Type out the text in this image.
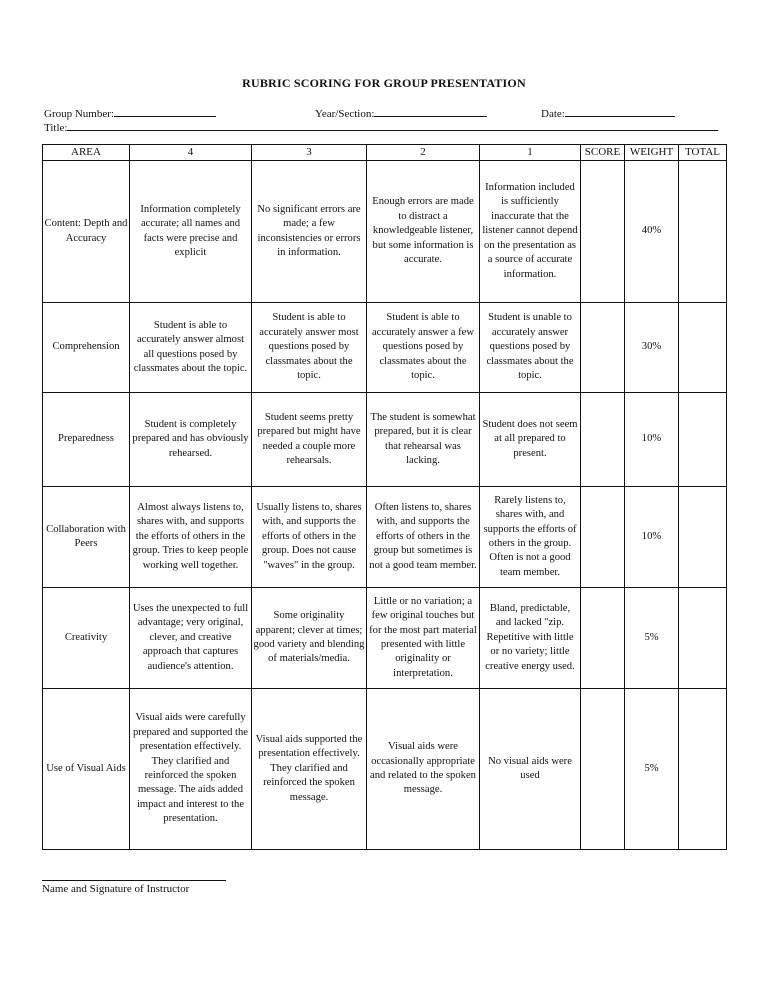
RUBRIC SCORING FOR GROUP PRESENTATION
Group Number:	Year/Section:	Date:
Title:
AREA	4	3	2	1	SCORE	WEIGHT	TOTAL
Content: Depth and Accuracy	Information completely accurate; all names and facts were precise and explicit	No significant errors are made; a few inconsistencies or errors in information.	Enough errors are made to distract a knowledgeable listener, but some information is accurate.	Information included is sufficiently inaccurate that the listener cannot depend on the presentation as a source of accurate information.		40%	
Comprehension	Student is able to accurately answer almost all questions posed by classmates about the topic.	Student is able to accurately answer most questions posed by classmates about the topic.	Student is able to accurately answer a few questions posed by classmates about the topic.	Student is unable to accurately answer questions posed by classmates about the topic.		30%	
Preparedness	Student is completely prepared and has obviously rehearsed.	Student seems pretty prepared but might have needed a couple more rehearsals.	The student is somewhat prepared, but it is clear that rehearsal was lacking.	Student does not seem at all prepared to present.		10%	
Collaboration with Peers	Almost always listens to, shares with, and supports the efforts of others in the group. Tries to keep people working well together.	Usually listens to, shares with, and supports the efforts of others in the group. Does not cause "waves" in the group.	Often listens to, shares with, and supports the efforts of others in the group but sometimes is not a good team member.	Rarely listens to, shares with, and supports the efforts of others in the group. Often is not a good team member.		10%	
Creativity	Uses the unexpected to full advantage; very original, clever, and creative approach that captures audience's attention.	Some originality apparent; clever at times; good variety and blending of materials/media.	Little or no variation; a few original touches but for the most part material presented with little originality or interpretation.	Bland, predictable, and lacked "zip. Repetitive with little or no variety; little creative energy used.		5%	
Use of Visual Aids	Visual aids were carefully prepared and supported the presentation effectively. They clarified and reinforced the spoken message. The aids added impact and interest to the presentation.	Visual aids supported the presentation effectively. They clarified and reinforced the spoken message.	Visual aids were occasionally appropriate and related to the spoken message.	No visual aids were used		5%	
Name and Signature of Instructor
